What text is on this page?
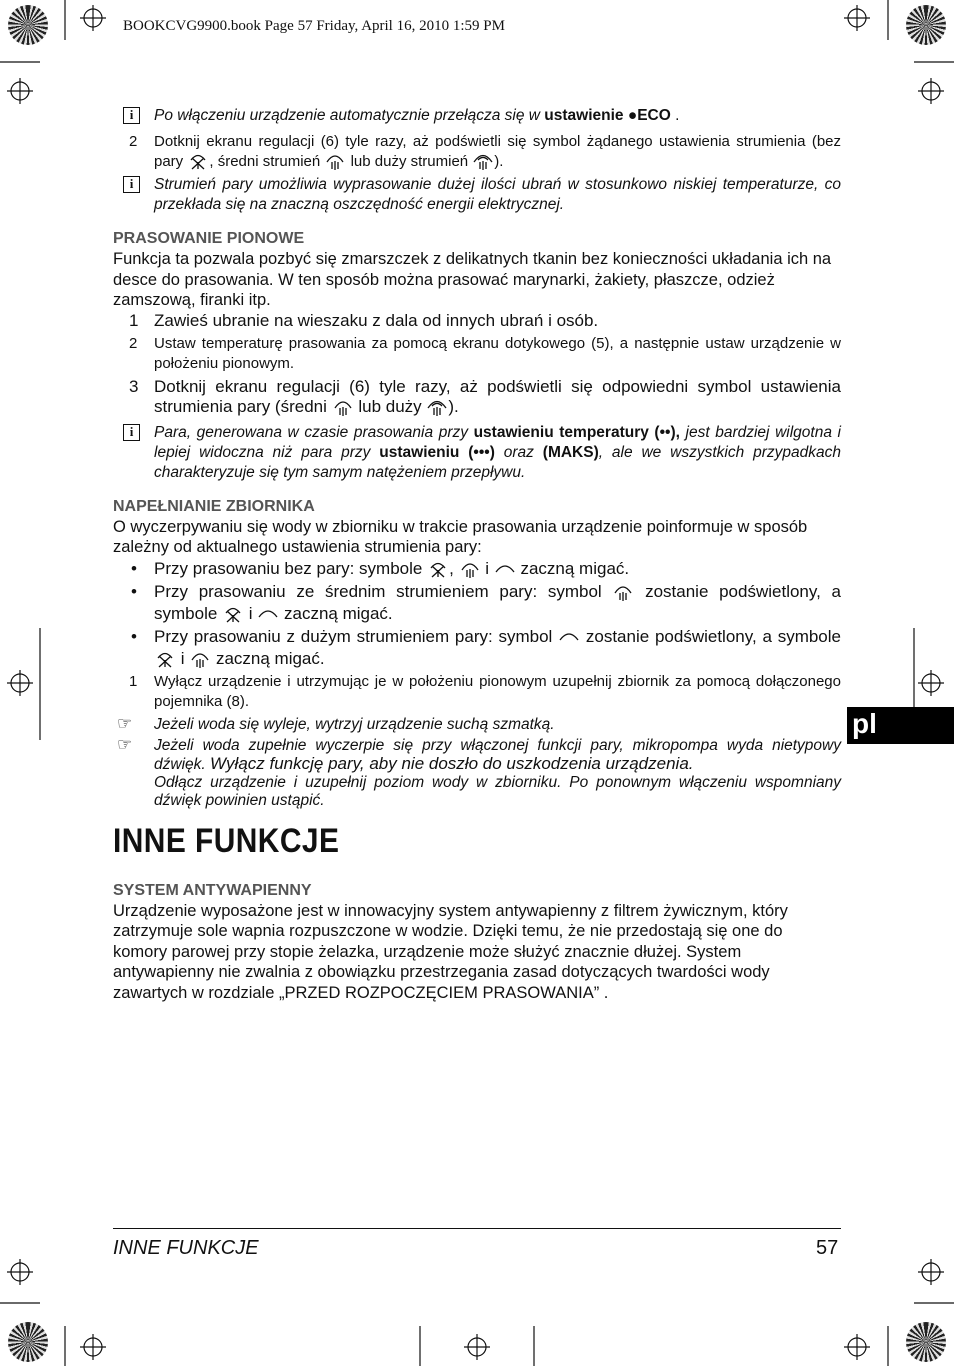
BOOKCVG9900.book Page 57 Friday, April 16, 2010 1:59 PM
i	Po włączeniu urządzenie automatycznie przełącza się w ustawienie ●ECO .
2 Dotknij ekranu regulacji (6) tyle razy, aż podświetli się symbol żądanego ustawienia strumienia (bez pary , średni strumień  lub duży strumień ).
i	Strumień pary umożliwia wyprasowanie dużej ilości ubrań w stosunkowo niskiej temperaturze, co przekłada się na znaczną oszczędność energii elektrycznej.
PRASOWANIE PIONOWE
Funkcja ta pozwala pozbyć się zmarszczek z delikatnych tkanin bez konieczności układania ich na desce do prasowania. W ten sposób można prasować marynarki, żakiety, płaszcze, odzież zamszową, firanki itp.
1 Zawieś ubranie na wieszaku z dala od innych ubrań i osób.
2 Ustaw temperaturę prasowania za pomocą ekranu dotykowego (5), a następnie ustaw urządzenie w położeniu pionowym.
3 Dotknij ekranu regulacji (6) tyle razy, aż podświetli się odpowiedni symbol ustawienia strumienia pary (średni  lub duży ).
i	Para, generowana w czasie prasowania przy ustawieniu temperatury (••), jest bardziej wilgotna i lepiej widoczna niż para przy ustawieniu (•••) oraz (MAKS), ale we wszystkich przypadkach charakteryzuje się tym samym natężeniem przepływu.
NAPEŁNIANIE ZBIORNIKA
O wyczerpywaniu się wody w zbiorniku w trakcie prasowania urządzenie poinformuje w sposób zależny od aktualnego ustawienia strumienia pary:
• Przy prasowaniu bez pary: symbole ,  i  zaczną migać.
• Przy prasowaniu ze średnim strumieniem pary: symbol  zostanie podświetlony, a symbole  i  zaczną migać.
• Przy prasowaniu z dużym strumieniem pary: symbol  zostanie podświetlony, a symbole  i  zaczną migać.
1 Wyłącz urządzenie i utrzymując je w położeniu pionowym uzupełnij zbiornik za pomocą dołączonego pojemnika (8).
☞ Jeżeli woda się wyleje, wytrzyj urządzenie suchą szmatką.
☞ Jeżeli woda zupełnie wyczerpie się przy włączonej funkcji pary, mikropompa wyda nietypowy dźwięk. Wyłącz funkcję pary, aby nie doszło do uszkodzenia urządzenia.
Odłącz urządzenie i uzupełnij poziom wody w zbiorniku. Po ponownym włączeniu wspomniany dźwięk powinien ustąpić.
INNE FUNKCJE
SYSTEM ANTYWAPIENNY
Urządzenie wyposażone jest w innowacyjny system antywapienny z filtrem żywicznym, który zatrzymuje sole wapnia rozpuszczone w wodzie. Dzięki temu, że nie przedostają się one do komory parowej przy stopie żelazka, urządzenie może służyć znacznie dłużej. System antywapienny nie zwalnia z obowiązku przestrzegania zasad dotyczących twardości wody zawartych w rozdziale „PRZED ROZPOCZĘCIEM PRASOWANIA” .
pl
INNE FUNKCJE	57
